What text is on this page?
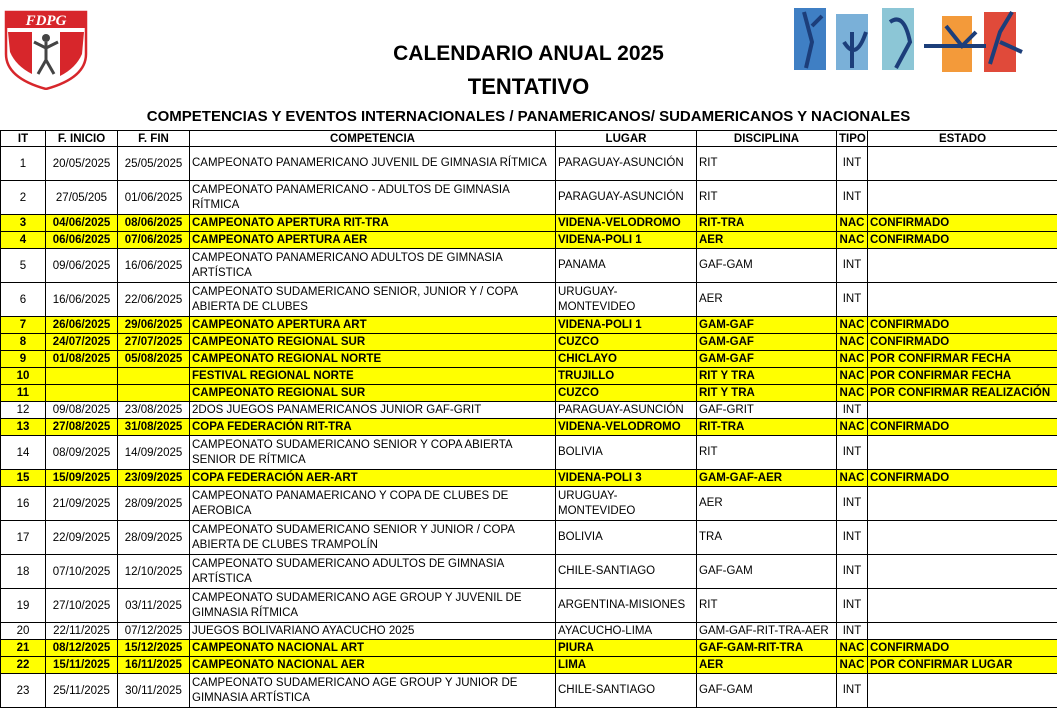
FDPG
CALENDARIO ANUAL 2025
TENTATIVO
COMPETENCIAS Y EVENTOS INTERNACIONALES / PANAMERICANOS/ SUDAMERICANOS Y NACIONALES
IT	F. INICIO	F. FIN	COMPETENCIA	LUGAR	DISCIPLINA	TIPO	ESTADO
1	20/05/2025	25/05/2025	CAMPEONATO PANAMERICANO JUVENIL DE GIMNASIA RÍTMICA	PARAGUAY-ASUNCIÓN	RIT	INT	
2	27/05/205	01/06/2025	CAMPEONATO PANAMERICANO - ADULTOS DE GIMNASIA RÍTMICA	PARAGUAY-ASUNCIÓN	RIT	INT	
3	04/06/2025	08/06/2025	CAMPEONATO APERTURA RIT-TRA	VIDENA-VELODROMO	RIT-TRA	NAC	CONFIRMADO
4	06/06/2025	07/06/2025	CAMPEONATO APERTURA AER	VIDENA-POLI 1	AER	NAC	CONFIRMADO
5	09/06/2025	16/06/2025	CAMPEONATO PANAMERICANO ADULTOS DE GIMNASIA ARTÍSTICA	PANAMA	GAF-GAM	INT	
6	16/06/2025	22/06/2025	CAMPEONATO SUDAMERICANO SENIOR, JUNIOR Y / COPA ABIERTA DE CLUBES	URUGUAY-MONTEVIDEO	AER	INT	
7	26/06/2025	29/06/2025	CAMPEONATO APERTURA ART	VIDENA-POLI 1	GAM-GAF	NAC	CONFIRMADO
8	24/07/2025	27/07/2025	CAMPEONATO REGIONAL SUR	CUZCO	GAM-GAF	NAC	CONFIRMADO
9	01/08/2025	05/08/2025	CAMPEONATO REGIONAL NORTE	CHICLAYO	GAM-GAF	NAC	POR CONFIRMAR FECHA
10			FESTIVAL REGIONAL NORTE	TRUJILLO	RIT Y TRA	NAC	POR CONFIRMAR FECHA
11			CAMPEONATO REGIONAL SUR	CUZCO	RIT Y TRA	NAC	POR CONFIRMAR REALIZACIÓN
12	09/08/2025	23/08/2025	2DOS JUEGOS PANAMERICANOS JUNIOR GAF-GRIT	PARAGUAY-ASUNCIÓN	GAF-GRIT	INT	
13	27/08/2025	31/08/2025	COPA FEDERACIÓN RIT-TRA	VIDENA-VELODROMO	RIT-TRA	NAC	CONFIRMADO
14	08/09/2025	14/09/2025	CAMPEONATO SUDAMERICANO SENIOR Y COPA ABIERTA SENIOR DE RÍTMICA	BOLIVIA	RIT	INT	
15	15/09/2025	23/09/2025	COPA FEDERACIÓN AER-ART	VIDENA-POLI 3	GAM-GAF-AER	NAC	CONFIRMADO
16	21/09/2025	28/09/2025	CAMPEONATO PANAMAERICANO Y COPA DE CLUBES DE AEROBICA	URUGUAY-MONTEVIDEO	AER	INT	
17	22/09/2025	28/09/2025	CAMPEONATO SUDAMERICANO SENIOR Y JUNIOR / COPA ABIERTA DE CLUBES TRAMPOLÍN	BOLIVIA	TRA	INT	
18	07/10/2025	12/10/2025	CAMPEONATO SUDAMERICANO ADULTOS DE GIMNASIA ARTÍSTICA	CHILE-SANTIAGO	GAF-GAM	INT	
19	27/10/2025	03/11/2025	CAMPEONATO SUDAMERICANO AGE GROUP Y JUVENIL DE GIMNASIA RÍTMICA	ARGENTINA-MISIONES	RIT	INT	
20	22/11/2025	07/12/2025	JUEGOS BOLIVARIANO AYACUCHO 2025	AYACUCHO-LIMA	GAM-GAF-RIT-TRA-AER	INT	
21	08/12/2025	15/12/2025	CAMPEONATO NACIONAL ART	PIURA	GAF-GAM-RIT-TRA	NAC	CONFIRMADO
22	15/11/2025	16/11/2025	CAMPEONATO NACIONAL AER	LIMA	AER	NAC	POR CONFIRMAR LUGAR
23	25/11/2025	30/11/2025	CAMPEONATO SUDAMERICANO AGE GROUP Y JUNIOR DE GIMNASIA ARTÍSTICA	CHILE-SANTIAGO	GAF-GAM	INT	
